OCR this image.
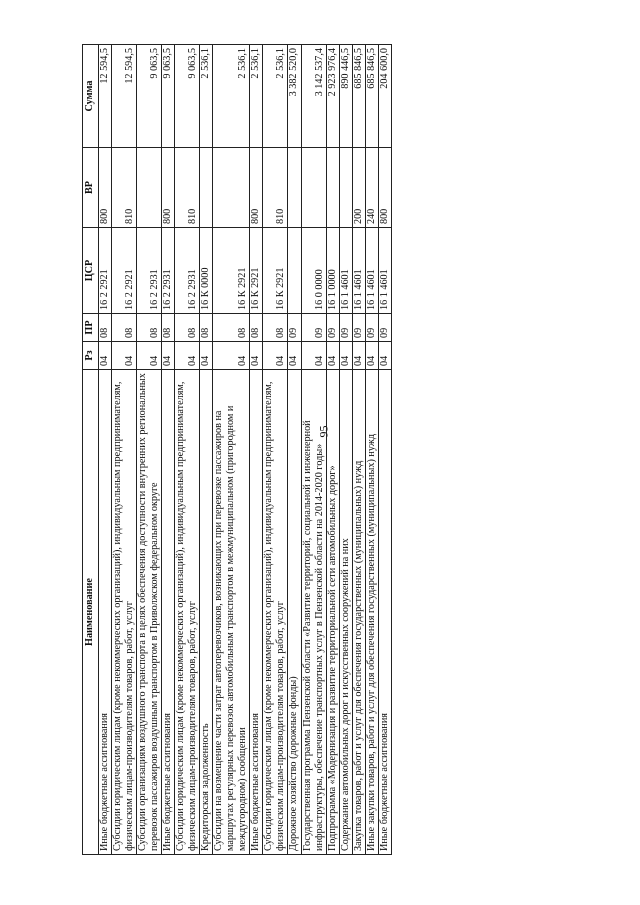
95
Наименование	Рз	ПР	ЦСР	ВР	Сумма
Иные бюджетные ассигнования	04	08	16 2 2921	800	12 594,5
Субсидии юридическим лицам (кроме некоммерческих организаций), индивидуальным предпринимателям, физическим лицам-производителям товаров, работ, услуг	04	08	16 2 2921	810	12 594,5
Субсидии организациям воздушного транспорта в целях обеспечения доступности внутренних региональных перевозок пассажиров воздушным транспортом в Приволжском федеральном округе	04	08	16 2 2931		9 063,5
Иные бюджетные ассигнования	04	08	16 2 2931	800	9 063,5
Субсидии юридическим лицам (кроме некоммерческих организаций), индивидуальным предпринимателям, физическим лицам-производителям товаров, работ, услуг	04	08	16 2 2931	810	9 063,5
Кредиторская задолженность	04	08	16 К 0000		2 536,1
Субсидии на возмещение части затрат автоперевозчиков, возникающих при перевозке пассажиров на маршрутах регулярных перевозок автомобильным транспортом в межмуниципальном (пригородном и междугородном) сообщении	04	08	16 К 2921		2 536,1
Иные бюджетные ассигнования	04	08	16 К 2921	800	2 536,1
Субсидии юридическим лицам (кроме некоммерческих организаций), индивидуальным предпринимателям, физическим лицам-производителям товаров, работ, услуг	04	08	16 К 2921	810	2 536,1
Дорожное хозяйство (дорожные фонды)	04	09			3 382 520,0
Государственная программа Пензенской области «Развитие территорий, социальной и инженерной инфраструктуры, обеспечение транспортных услуг в Пензенской области на 2014-2020 годы»	04	09	16 0 0000		3 142 537,4
Подпрограмма «Модернизация и развитие территориальной сети автомобильных дорог»	04	09	16 1 0000		2 923 976,4
Содержание автомобильных дорог и искусственных сооружений на них	04	09	16 1 4601		890 446,5
Закупка товаров, работ и услуг для обеспечения государственных (муниципальных) нужд	04	09	16 1 4601	200	685 846,5
Иные закупки товаров, работ и услуг для обеспечения государственных (муниципальных) нужд	04	09	16 1 4601	240	685 846,5
Иные бюджетные ассигнования	04	09	16 1 4601	800	204 600,0
